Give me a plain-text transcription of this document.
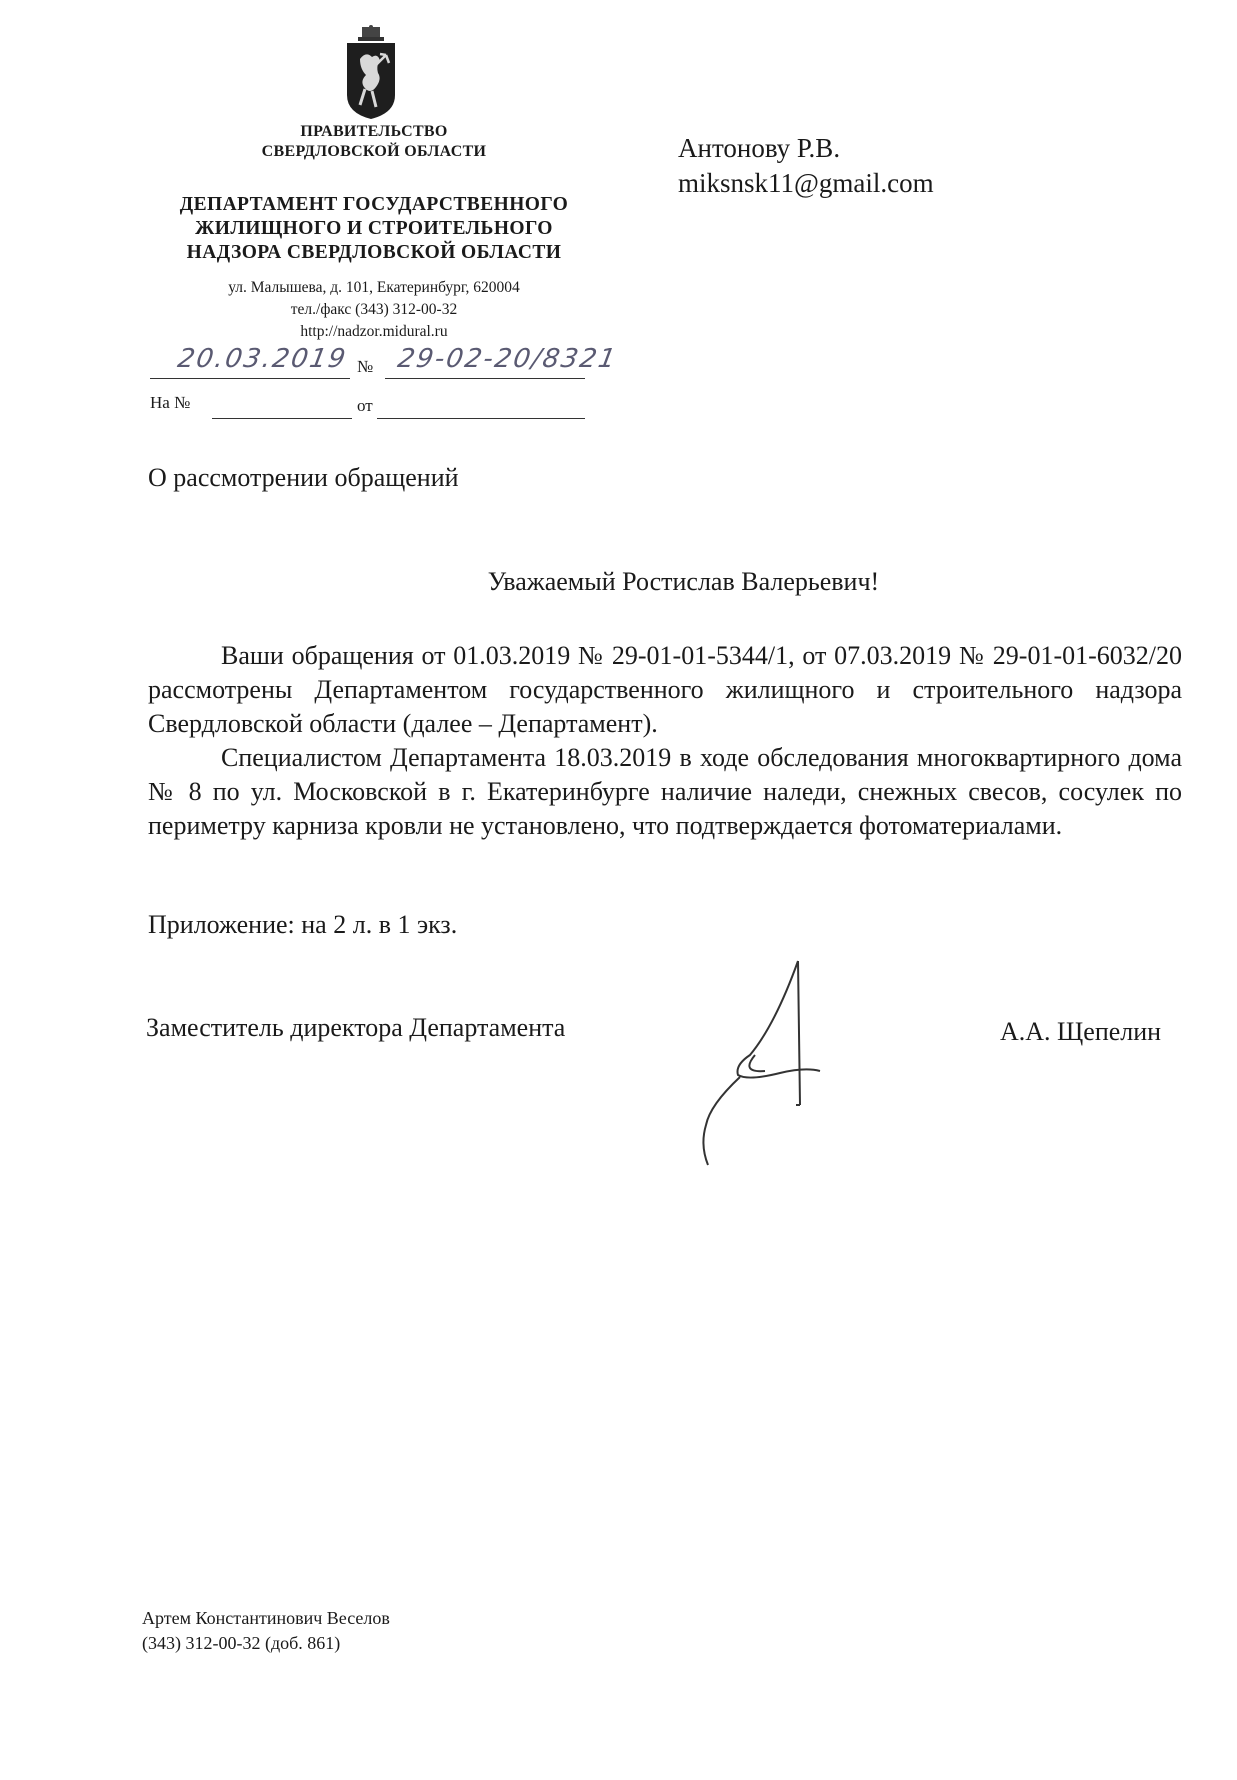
ПРАВИТЕЛЬСТВО
СВЕРДЛОВСКОЙ ОБЛАСТИ
ДЕПАРТАМЕНТ ГОСУДАРСТВЕННОГО
ЖИЛИЩНОГО И СТРОИТЕЛЬНОГО
НАДЗОРА СВЕРДЛОВСКОЙ ОБЛАСТИ
ул. Малышева, д. 101, Екатеринбург, 620004
тел./факс (343) 312-00-32
http://nadzor.midural.ru
20.03.2019 № 29-02-20/8321
На №	от
Антонову Р.В.
miksnsk11@gmail.com
О рассмотрении обращений
Уважаемый Ростислав Валерьевич!

Ваши обращения от 01.03.2019 № 29-01-01-5344/1, от 07.03.2019 № 29-01-01-6032/20 рассмотрены Департаментом государственного жилищного и строительного надзора Свердловской области (далее – Департамент).

Специалистом Департамента 18.03.2019 в ходе обследования многоквартирного дома № 8 по ул. Московской в г. Екатеринбурге наличие наледи, снежных свесов, сосулек по периметру карниза кровли не установлено, что подтверждается фотоматериалами.

Приложение: на 2 л. в 1 экз.
Заместитель директора Департамента	А.А. Щепелин
Артем Константинович Веселов
(343) 312-00-32 (доб. 861)
